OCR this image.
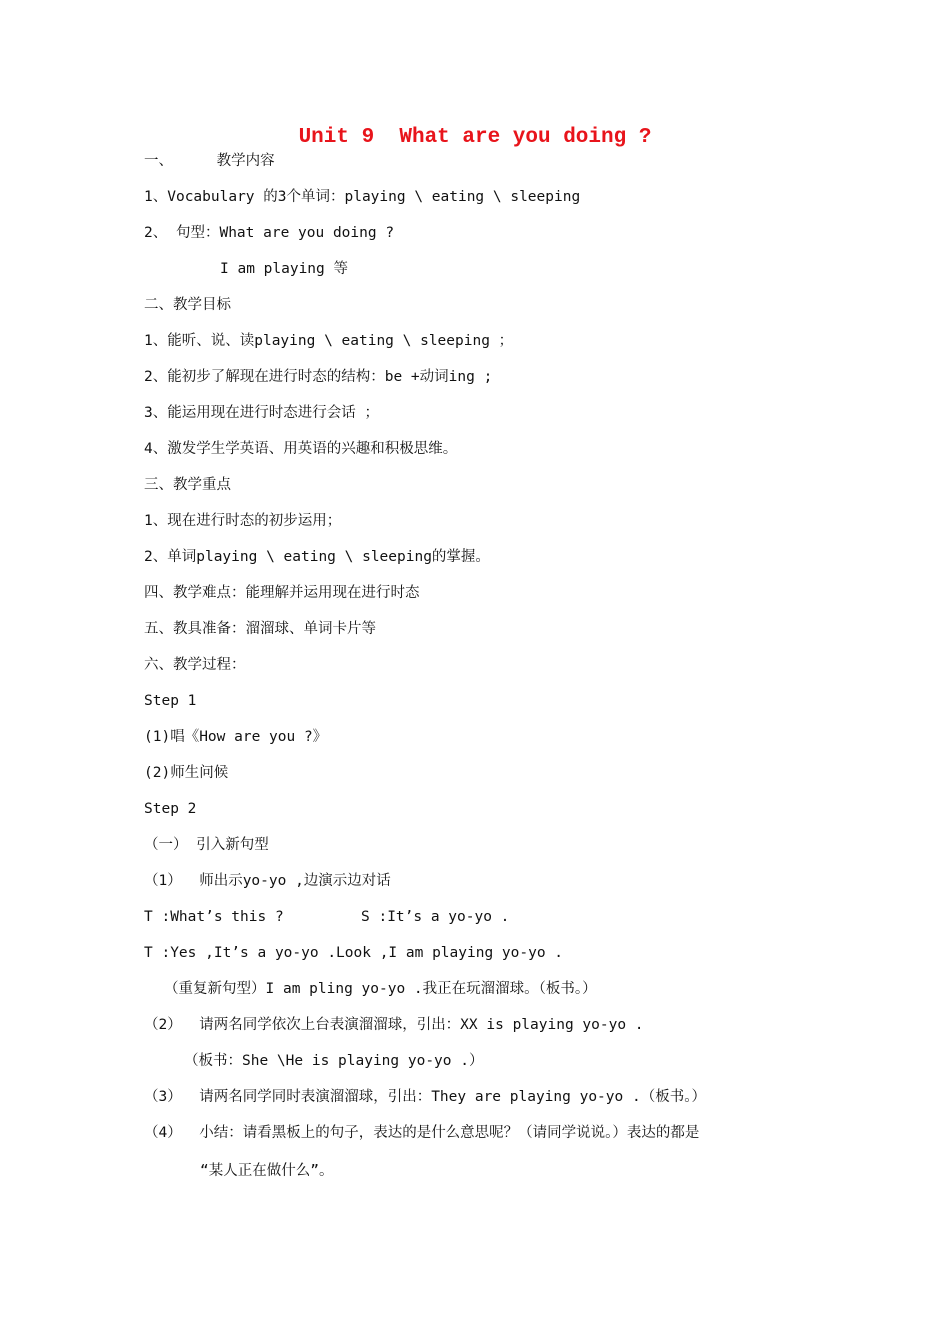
Unit 9  What are you doing ?
一、     教学内容
1、Vocabulary 的3个单词：playing \ eating \ sleeping
2、 句型：What are you doing ?
I am playing 等
二、教学目标
1、能听、说、读playing \ eating \ sleeping ；
2、能初步了解现在进行时态的结构：be +动词ing ;
3、能运用现在进行时态进行会话 ；
4、激发学生学英语、用英语的兴趣和积极思维。
三、教学重点
1、现在进行时态的初步运用；
2、单词playing \ eating \ sleeping的掌握。
四、教学难点：能理解并运用现在进行时态
五、教具准备：溜溜球、单词卡片等
六、教学过程：
Step 1
(1)唱《How are you ?》
(2)师生问候
Step 2
（一） 引入新句型
（1）  师出示yo-yo ,边演示边对话
T :What’s this ?	S :It’s a yo-yo .
T :Yes ,It’s a yo-yo .Look ,I am playing yo-yo .
（重复新句型）I am pling yo-yo .我正在玩溜溜球。（板书。）
（2）  请两名同学依次上台表演溜溜球，引出：XX is playing yo-yo .
（板书：She \He is playing yo-yo .）
（3）  请两名同学同时表演溜溜球，引出：They are playing yo-yo .（板书。）
（4）  小结：请看黑板上的句子，表达的是什么意思呢？（请同学说说。）表达的都是
“某人正在做什么”。
